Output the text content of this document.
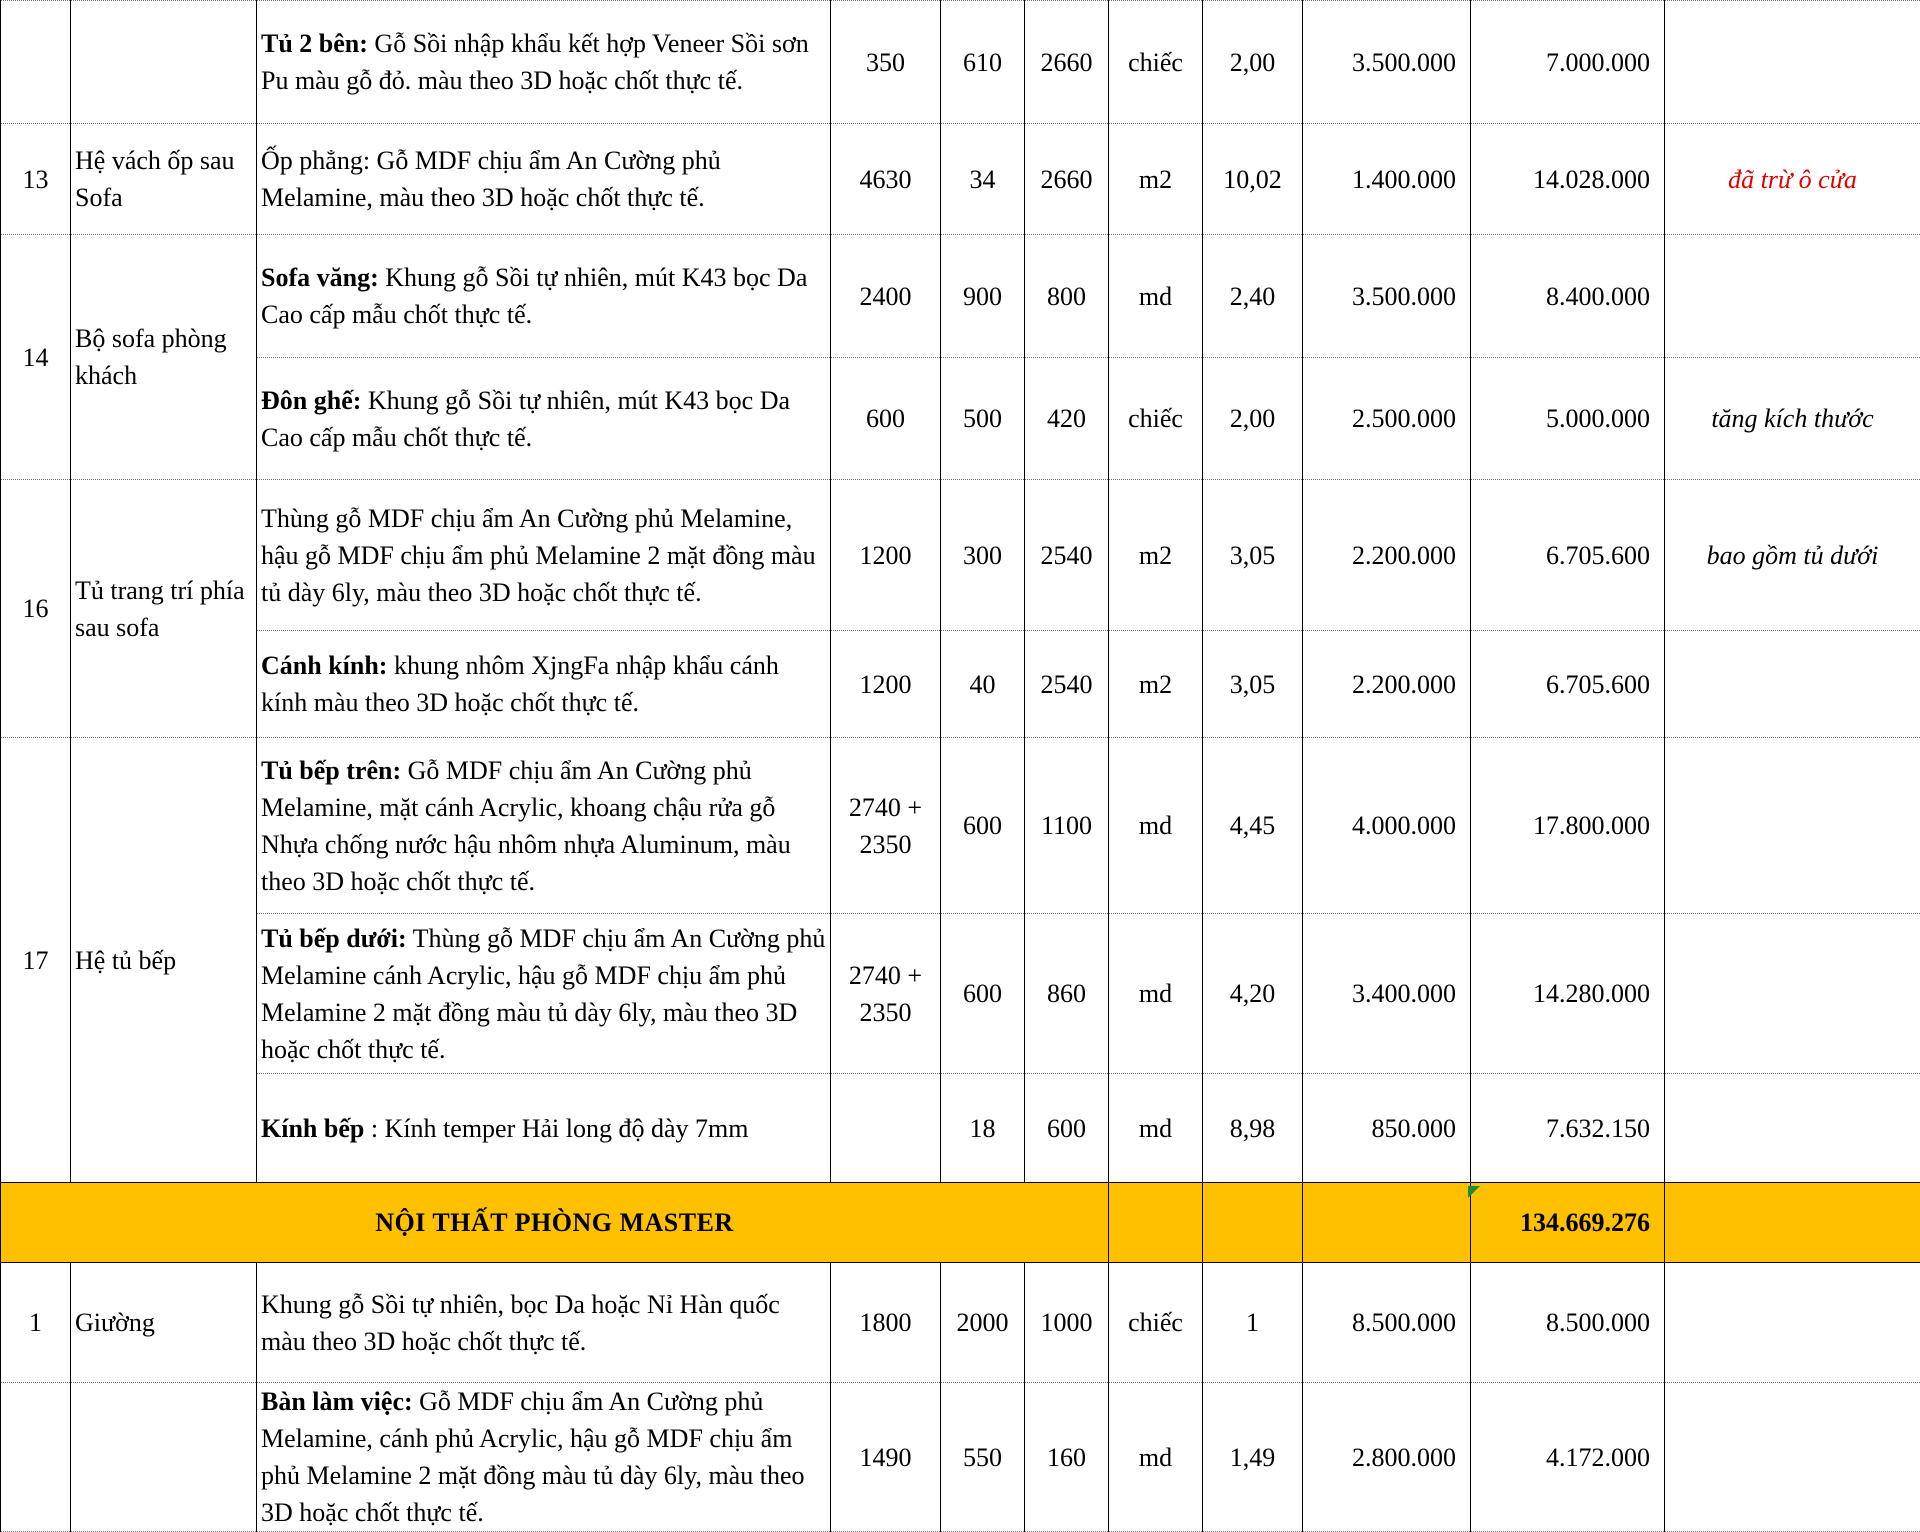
		Tủ 2 bên: Gỗ Sồi nhập khẩu kết hợp Veneer Sồi sơn Pu màu gỗ đỏ. màu theo 3D hoặc chốt thực tế.	350	610	2660	chiếc	2,00	3.500.000	7.000.000	
13	Hệ vách ốp sau Sofa	Ốp phẳng: Gỗ MDF chịu ẩm An Cường phủ Melamine, màu theo 3D hoặc chốt thực tế.	4630	34	2660	m2	10,02	1.400.000	14.028.000	đã trừ ô cửa
14	Bộ sofa phòng khách	Sofa văng: Khung gỗ Sồi tự nhiên, mút K43 bọc Da Cao cấp mẫu chốt thực tế.	2400	900	800	md	2,40	3.500.000	8.400.000	
		Đôn ghế: Khung gỗ Sồi tự nhiên, mút K43 bọc Da Cao cấp mẫu chốt thực tế.	600	500	420	chiếc	2,00	2.500.000	5.000.000	tăng kích thước
16	Tủ trang trí phía sau sofa	Thùng gỗ MDF chịu ẩm An Cường phủ Melamine, hậu gỗ MDF chịu ẩm phủ Melamine 2 mặt đồng màu tủ dày 6ly, màu theo 3D hoặc chốt thực tế.	1200	300	2540	m2	3,05	2.200.000	6.705.600	bao gồm tủ dưới
		Cánh kính: khung nhôm XjngFa nhập khẩu cánh kính màu theo 3D hoặc chốt thực tế.	1200	40	2540	m2	3,05	2.200.000	6.705.600	
17	Hệ tủ bếp	Tủ bếp trên: Gỗ MDF chịu ẩm An Cường phủ Melamine, mặt cánh Acrylic, khoang chậu rửa gỗ Nhựa chống nước hậu nhôm nhựa Aluminum, màu theo 3D hoặc chốt thực tế.	2740 + 2350	600	1100	md	4,45	4.000.000	17.800.000	
		Tủ bếp dưới: Thùng gỗ MDF chịu ẩm An Cường phủ Melamine cánh Acrylic, hậu gỗ MDF chịu ẩm phủ Melamine 2 mặt đồng màu tủ dày 6ly, màu theo 3D hoặc chốt thực tế.	2740 + 2350	600	860	md	4,20	3.400.000	14.280.000	
		Kính bếp : Kính temper Hải long độ dày 7mm		18	600	md	8,98	850.000	7.632.150	
NỘI THẤT PHÒNG MASTER									134.669.276	
1	Giường	Khung gỗ Sồi tự nhiên, bọc Da hoặc Nỉ Hàn quốc màu theo 3D hoặc chốt thực tế.	1800	2000	1000	chiếc	1	8.500.000	8.500.000	
		Bàn làm việc: Gỗ MDF chịu ẩm An Cường phủ Melamine, cánh phủ Acrylic, hậu gỗ MDF chịu ẩm phủ Melamine 2 mặt đồng màu tủ dày 6ly, màu theo 3D hoặc chốt thực tế.	1490	550	160	md	1,49	2.800.000	4.172.000	
